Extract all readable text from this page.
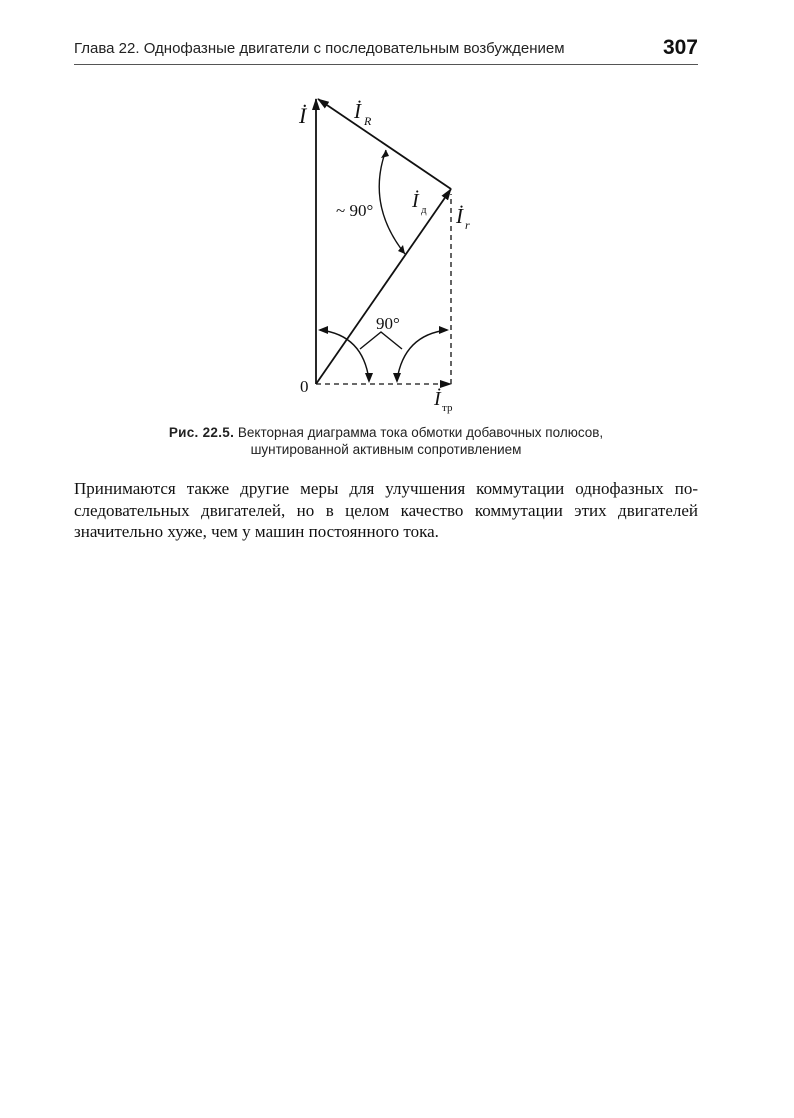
Глава 22. Однофазные двигатели с последовательным возбуждением	307
İ İ R
İ д İ r
~ 90°
90°
0
İ тр
Рис. 22.5. Векторная диаграмма тока обмотки добавочных полюсов,
шунтированной активным сопротивлением
Принимаются также другие меры для улучшения коммутации однофазных по-
следовательных двигателей, но в целом качество коммутации этих двигателей
значительно хуже, чем у машин постоянного тока.
